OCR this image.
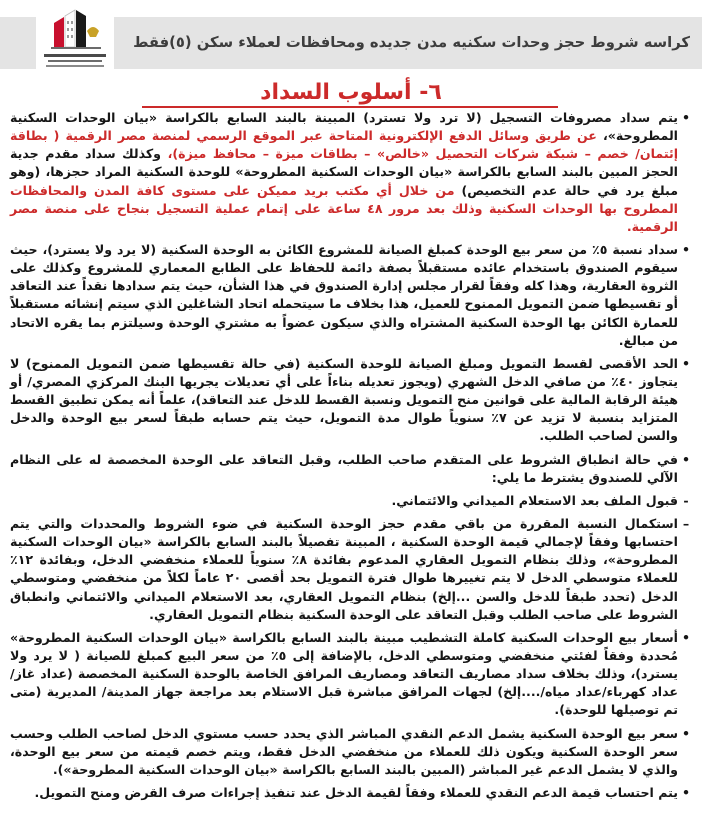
كراسه شروط حجز وحدات سكنيه مدن جديده ومحافظات لعملاء سكن (٥)فقط
٦- أسلوب السداد
•

يتم سداد مصروفات التسجيل (لا ترد ولا تسترد) المبينة بالبند السابع بالكراسة «بيان الوحدات السكنية المطروحة»، عن طريق وسائل الدفع الإلكترونية المتاحة عبر الموقع الرسمي لمنصة مصر الرقمية ( بطاقة إئتمان/ خصم – شبكة شركات التحصيل «خالص» – بطاقات ميزة – محافظ ميزة)، وكذلك سداد مقدم جدية الحجز المبين بالبند السابع بالكراسة «بيان الوحدات السكنية المطروحة» للوحدة السكنية المراد حجزها، (وهو مبلغ يرد في حالة عدم التخصيص) من خلال أي مكتب بريد مميكن على مستوى كافة المدن والمحافظات المطروح بها الوحدات السكنية وذلك بعد مرور ٤٨ ساعة على إتمام عملية التسجيل بنجاح على منصة مصر الرقمية.

•

سداد نسبة ٥٪ من سعر بيع الوحدة كمبلغ الصيانة للمشروع الكائن به الوحدة السكنية (لا يرد ولا يسترد)، حيث سيقوم الصندوق باستخدام عائده مستقبلاً بصفة دائمة للحفاظ على الطابع المعماري للمشروع وكذلك على الثروة العقارية، وهذا كله وفقاً لقرار مجلس إدارة الصندوق في هذا الشأن، حيث يتم سدادها نقداً عند التعاقد أو تقسيطها ضمن التمويل الممنوح للعميل، هذا بخلاف ما سيتحمله اتحاد الشاغلين الذي سيتم إنشائه مستقبلاً للعمارة الكائن بها الوحدة السكنية المشتراه والذي سيكون عضواً به مشتري الوحدة وسيلتزم بما يقره الاتحاد من مبالغ.

•

الحد الأقصى لقسط التمويل ومبلغ الصيانة للوحدة السكنية (في حالة تقسيطها ضمن التمويل الممنوح) لا يتجاوز ٤٠٪ من صافي الدخل الشهري (ويجوز تعديله بناءاً على أي تعديلات يجريها البنك المركزي المصري/ أو هيئة الرقابة المالية على قوانين منح التمويل ونسبة القسط للدخل عند التعاقد)، علماً أنه يمكن تطبيق القسط المتزايد بنسبة لا تزيد عن ٧٪ سنوياً طوال مدة التمويل، حيث يتم حسابه طبقاً لسعر بيع الوحدة والدخل والسن لصاحب الطلب.

•

في حالة انطباق الشروط على المتقدم صاحب الطلب، وقبل التعاقد على الوحدة المخصصة له على النظام الآلي للصندوق يشترط ما يلي:

-

قبول الملف بعد الاستعلام الميداني والائتماني.

–

استكمال النسبة المقررة من باقي مقدم حجز الوحدة السكنية في ضوء الشروط والمحددات والتي يتم احتسابها وفقاً لإجمالي قيمة الوحدة السكنية ، المبينة تفصيلاً بالبند السابع بالكراسة «بيان الوحدات السكنية المطروحة»، وذلك بنظام التمويل العقاري المدعوم بفائدة ٨٪ سنوياً للعملاء منخفضي الدخل، وبفائدة ١٢٪ للعملاء متوسطي الدخل لا يتم تغييرها طوال فترة التمويل بحد أقصى ٢٠ عاماً لكلاً من منخفضي ومتوسطي الدخل (تحدد طبقاً للدخل والسن ...إلخ) بنظام التمويل العقاري، بعد الاستعلام الميداني والائتماني وانطباق الشروط على صاحب الطلب وقبل التعاقد على الوحدة السكنية بنظام التمويل العقاري.

•

أسعار بيع الوحدات السكنية كاملة التشطيب مبينة بالبند السابع بالكراسة «بيان الوحدات السكنية المطروحة» مُحددة وفقاً لفئتي منخفضي ومتوسطي الدخل، بالإضافة إلى ٥٪ من سعر البيع كمبلغ للصيانة ( لا يرد ولا يسترد)، وذلك بخلاف سداد مصاريف التعاقد ومصاريف المرافق الخاصة بالوحدة السكنية المخصصة (عداد غاز/عداد كهرباء/عداد مياه/....إلخ) لجهات المرافق مباشرة قبل الاستلام بعد مراجعة جهاز المدينة/ المديرية (متى تم توصيلها للوحدة).

•

سعر بيع الوحدة السكنية يشمل الدعم النقدي المباشر الذي يحدد حسب مستوي الدخل لصاحب الطلب وحسب سعر الوحدة السكنية ويكون ذلك للعملاء من منخفضي الدخل فقط، ويتم خصم قيمته من سعر بيع الوحدة، والذي لا يشمل الدعم غير المباشر (المبين بالبند السابع بالكراسة «بيان الوحدات السكنية المطروحة»).

•

يتم احتساب قيمة الدعم النقدي للعملاء وفقاً لقيمة الدخل عند تنفيذ إجراءات صرف القرض ومنح التمويل.
